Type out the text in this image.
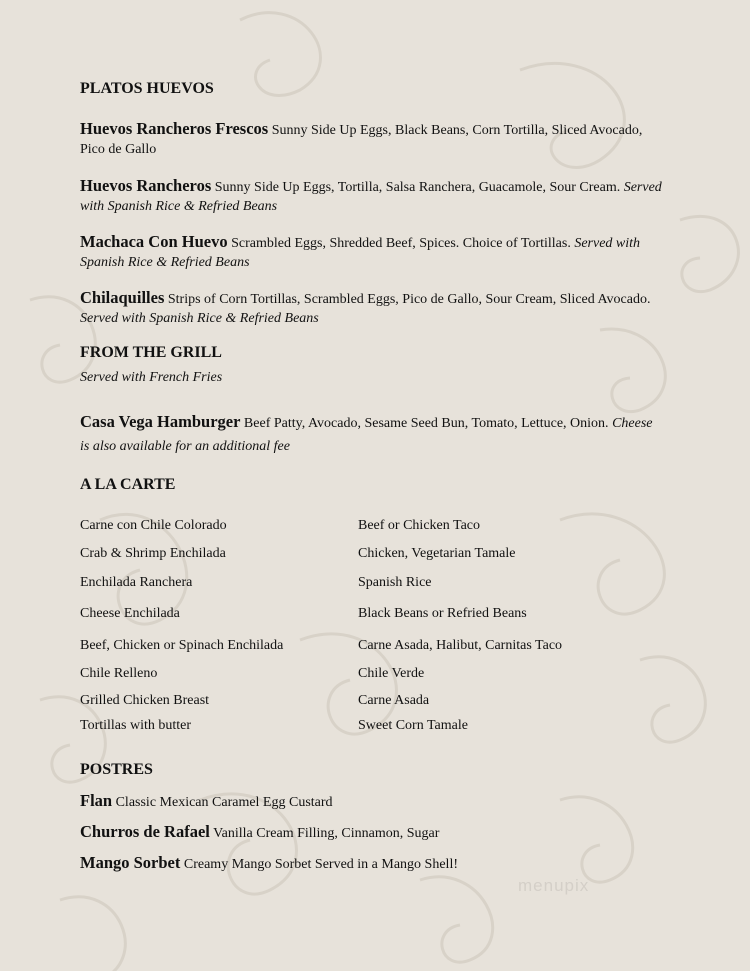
PLATOS HUEVOS
Huevos Rancheros Frescos Sunny Side Up Eggs, Black Beans, Corn Tortilla, Sliced Avocado,
Pico de Gallo
Huevos Rancheros Sunny Side Up Eggs, Tortilla, Salsa Ranchera, Guacamole, Sour Cream. Served
with Spanish Rice & Refried Beans
Machaca Con Huevo Scrambled Eggs, Shredded Beef, Spices. Choice of Tortillas. Served with
Spanish Rice & Refried Beans
Chilaquilles Strips of Corn Tortillas, Scrambled Eggs, Pico de Gallo, Sour Cream, Sliced Avocado.
Served with Spanish Rice & Refried Beans
FROM THE GRILL
Served with French Fries
Casa Vega Hamburger Beef Patty, Avocado, Sesame Seed Bun, Tomato, Lettuce, Onion. Cheese
is also available for an additional fee
A LA CARTE
Carne con Chile Colorado
Crab & Shrimp Enchilada
Enchilada Ranchera
Cheese Enchilada
Beef, Chicken or Spinach Enchilada
Chile Relleno
Grilled Chicken Breast
Tortillas with butter
Beef or Chicken Taco
Chicken, Vegetarian Tamale
Spanish Rice
Black Beans or Refried Beans
Carne Asada, Halibut, Carnitas Taco
Chile Verde
Carne Asada
Sweet Corn Tamale
POSTRES
Flan Classic Mexican Caramel Egg Custard
Churros de Rafael Vanilla Cream Filling, Cinnamon, Sugar
Mango Sorbet Creamy Mango Sorbet Served in a Mango Shell!
menupix
